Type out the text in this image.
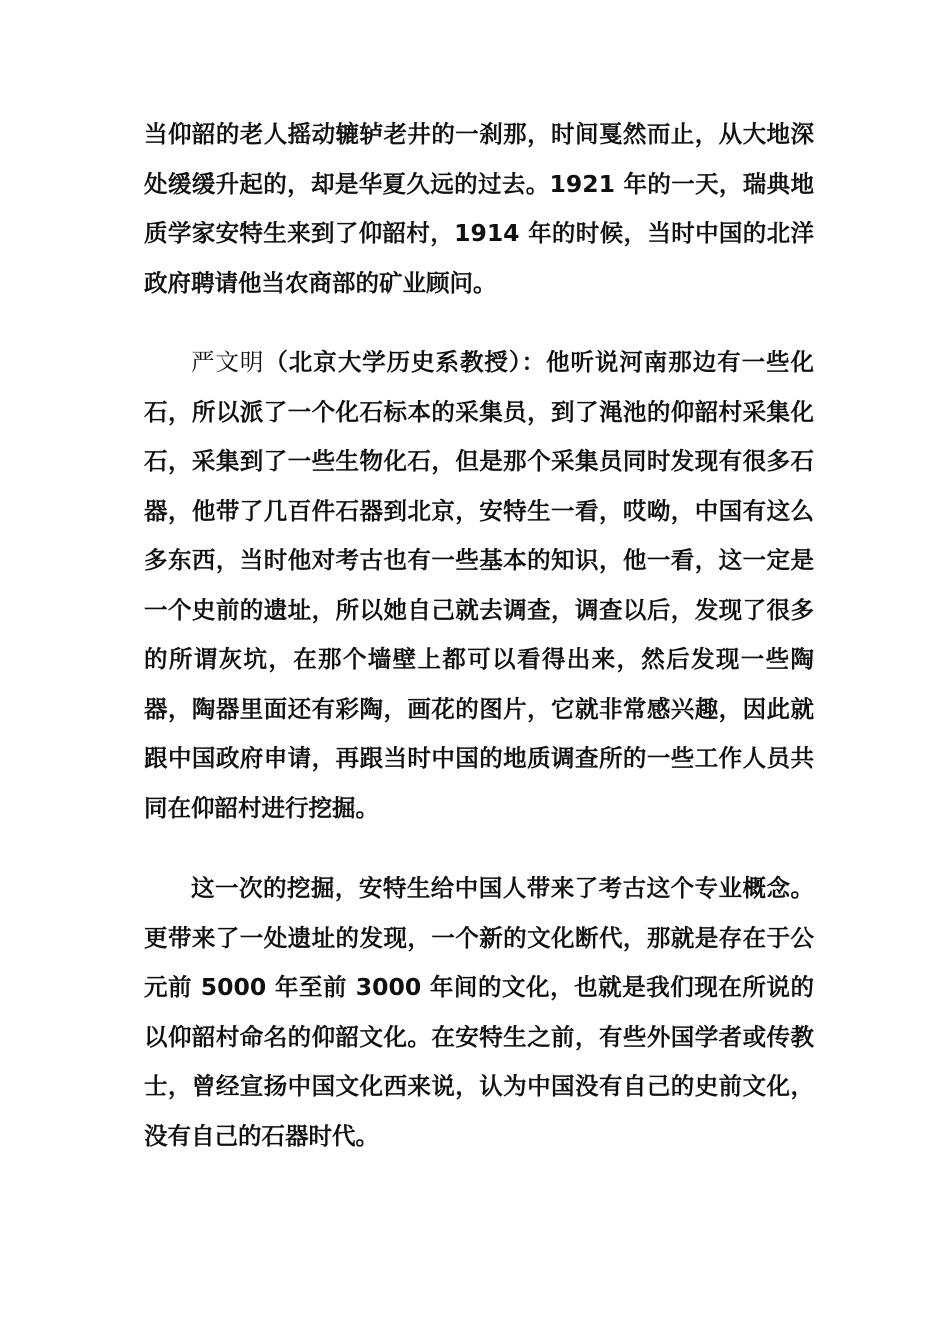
当仰韶的老人摇动辘轳老井的一刹那，时间戛然而止，从大地深处缓缓升起的，却是华夏久远的过去。1921 年的一天，瑞典地质学家安特生来到了仰韶村，1914 年的时候，当时中国的北洋政府聘请他当农商部的矿业顾问。

严文明（北京大学历史系教授）：他听说河南那边有一些化石，所以派了一个化石标本的采集员，到了渑池的仰韶村采集化石，采集到了一些生物化石，但是那个采集员同时发现有很多石器，他带了几百件石器到北京，安特生一看，哎呦，中国有这么多东西，当时他对考古也有一些基本的知识，他一看，这一定是一个史前的遗址，所以她自己就去调查，调查以后，发现了很多的所谓灰坑，在那个墙壁上都可以看得出来，然后发现一些陶器，陶器里面还有彩陶，画花的图片，它就非常感兴趣，因此就跟中国政府申请，再跟当时中国的地质调查所的一些工作人员共同在仰韶村进行挖掘。

这一次的挖掘，安特生给中国人带来了考古这个专业概念。更带来了一处遗址的发现，一个新的文化断代，那就是存在于公元前 5000 年至前 3000 年间的文化，也就是我们现在所说的以仰韶村命名的仰韶文化。在安特生之前，有些外国学者或传教士，曾经宣扬中国文化西来说，认为中国没有自己的史前文化，没有自己的石器时代。
